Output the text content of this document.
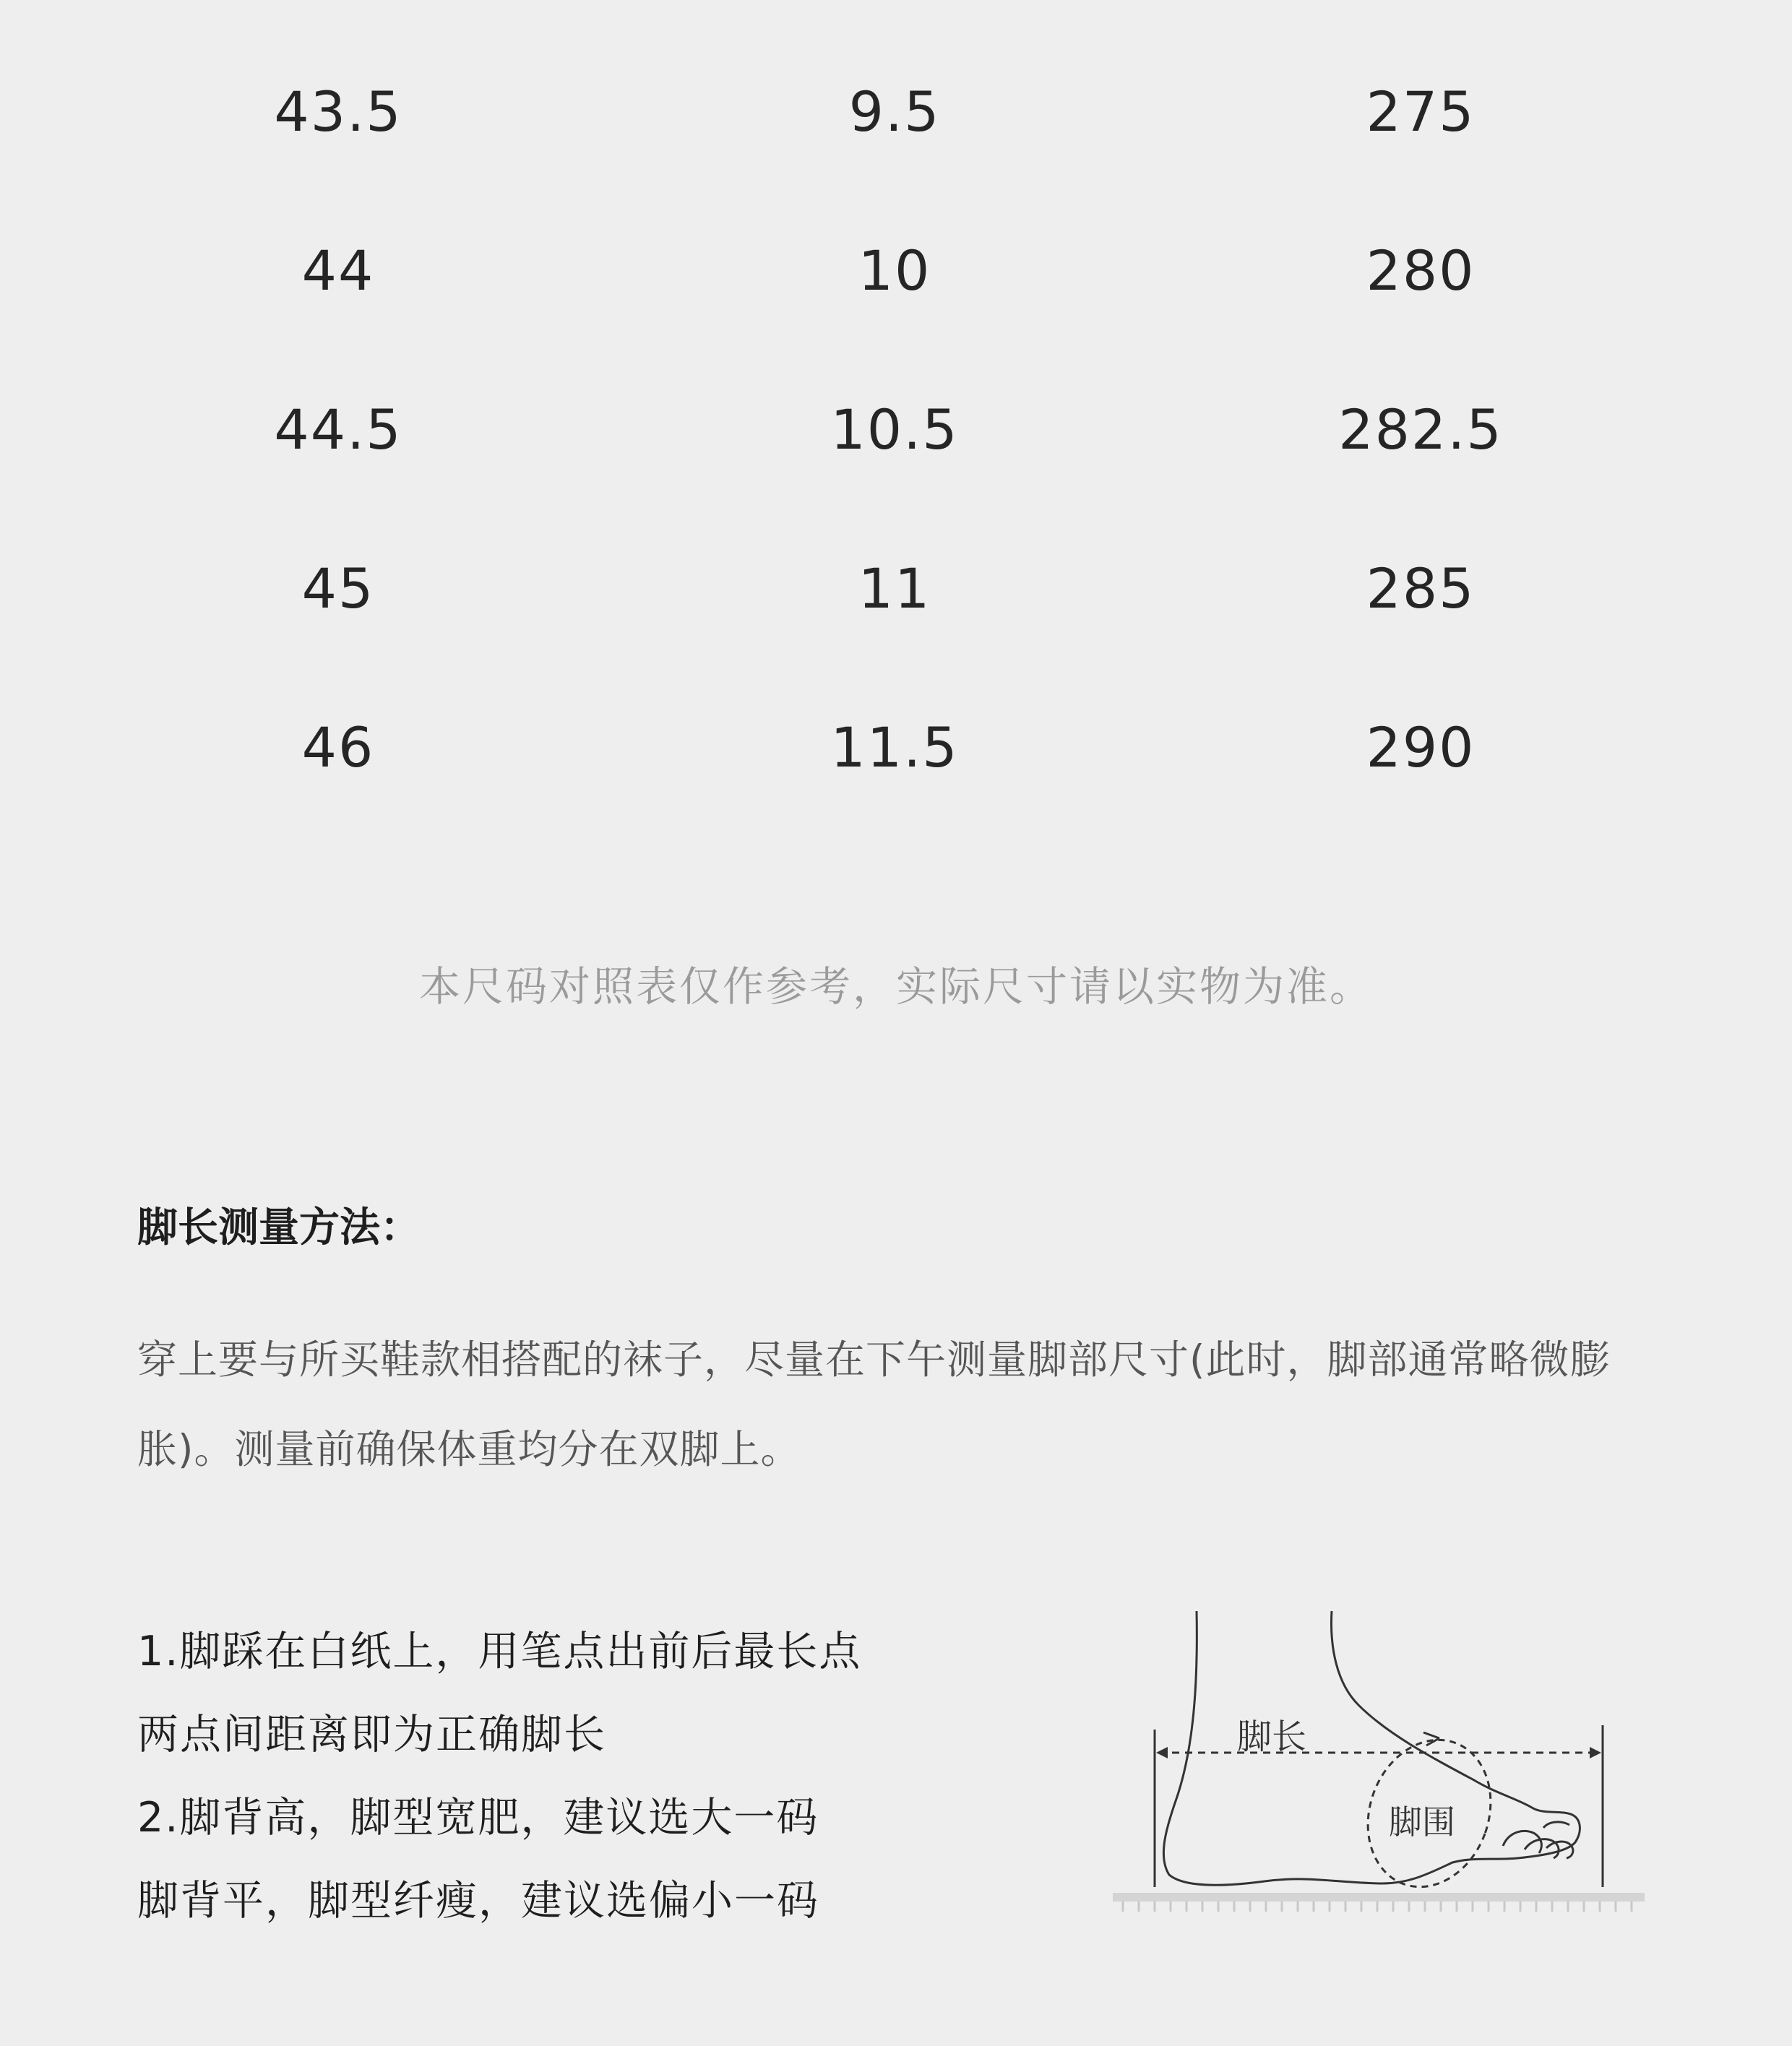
43.5	9.5	275
44	10	280
44.5	10.5	282.5
45	11	285
46	11.5	290
本尺码对照表仅作参考，实际尺寸请以实物为准。
脚长测量方法：
穿上要与所买鞋款相搭配的袜子，尽量在下午测量脚部尺寸(此时，脚部通常略微膨胀)。测量前确保体重均分在双脚上。
1.脚踩在白纸上，用笔点出前后最长点
两点间距离即为正确脚长
2.脚背高，脚型宽肥，建议选大一码
脚背平，脚型纤瘦，建议选偏小一码
脚长
脚围
